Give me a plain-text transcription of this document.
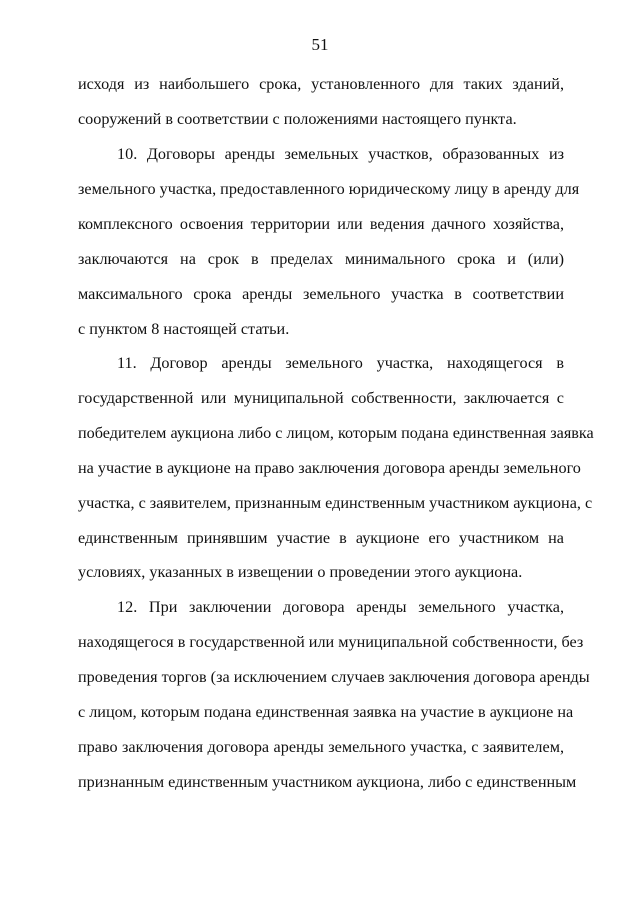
51
исходя из наибольшего срока, установленного для таких зданий,
сооружений в соответствии с положениями настоящего пункта.
10. Договоры аренды земельных участков, образованных из
земельного участка, предоставленного юридическому лицу в аренду для
комплексного освоения территории или ведения дачного хозяйства,
заключаются на срок в пределах минимального срока и (или)
максимального срока аренды земельного участка в соответствии
с пунктом 8 настоящей статьи.
11. Договор аренды земельного участка, находящегося в
государственной или муниципальной собственности, заключается с
победителем аукциона либо с лицом, которым подана единственная заявка
на участие в аукционе на право заключения договора аренды земельного
участка, с заявителем, признанным единственным участником аукциона, с
единственным принявшим участие в аукционе его участником на
условиях, указанных в извещении о проведении этого аукциона.
12. При заключении договора аренды земельного участка,
находящегося в государственной или муниципальной собственности, без
проведения торгов (за исключением случаев заключения договора аренды
с лицом, которым подана единственная заявка на участие в аукционе на
право заключения договора аренды земельного участка, с заявителем,
признанным единственным участником аукциона, либо с единственным
